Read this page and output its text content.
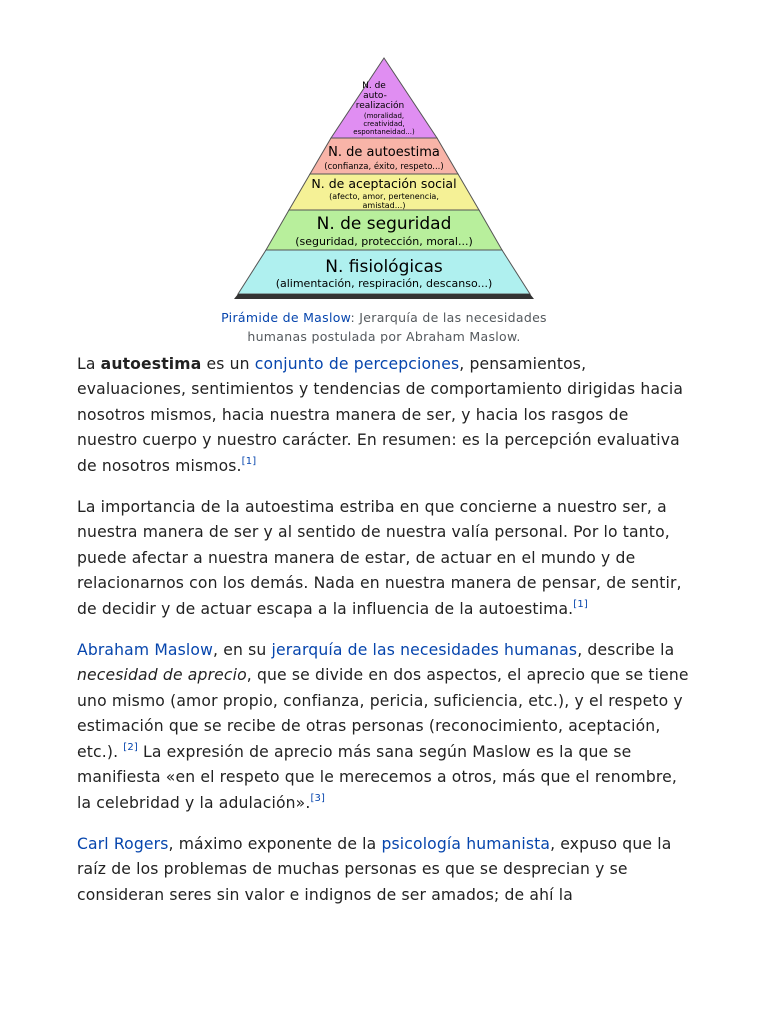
N. de
auto-
realización
(moralidad,
creatividad,
espontaneidad...)
N. de autoestima
(confianza, éxito, respeto...)
N. de aceptación social
(afecto, amor, pertenencia,
amistad...)
N. de seguridad
(seguridad, protección, moral...)
N. fisiológicas
(alimentación, respiración, descanso...)
Pirámide de Maslow: Jerarquía de las necesidades
humanas postulada por Abraham Maslow.

La autoestima es un conjunto de percepciones, pensamientos, evaluaciones, sentimientos y tendencias de comportamiento dirigidas hacia nosotros mismos, hacia nuestra manera de ser, y hacia los rasgos de nuestro cuerpo y nuestro carácter. En resumen: es la percepción evaluativa de nosotros mismos.[1]

La importancia de la autoestima estriba en que concierne a nuestro ser, a nuestra manera de ser y al sentido de nuestra valía personal. Por lo tanto, puede afectar a nuestra manera de estar, de actuar en el mundo y de relacionarnos con los demás. Nada en nuestra manera de pensar, de sentir, de decidir y de actuar escapa a la influencia de la autoestima.[1]

Abraham Maslow, en su jerarquía de las necesidades humanas, describe la necesidad de aprecio, que se divide en dos aspectos, el aprecio que se tiene uno mismo (amor propio, confianza, pericia, suficiencia, etc.), y el respeto y estimación que se recibe de otras personas (reconocimiento, aceptación, etc.). [2] La expresión de aprecio más sana según Maslow es la que se manifiesta «en el respeto que le merecemos a otros, más que el renombre, la celebridad y la adulación».[3]

Carl Rogers, máximo exponente de la psicología humanista, expuso que la raíz de los problemas de muchas personas es que se desprecian y se consideran seres sin valor e indignos de ser amados; de ahí la
